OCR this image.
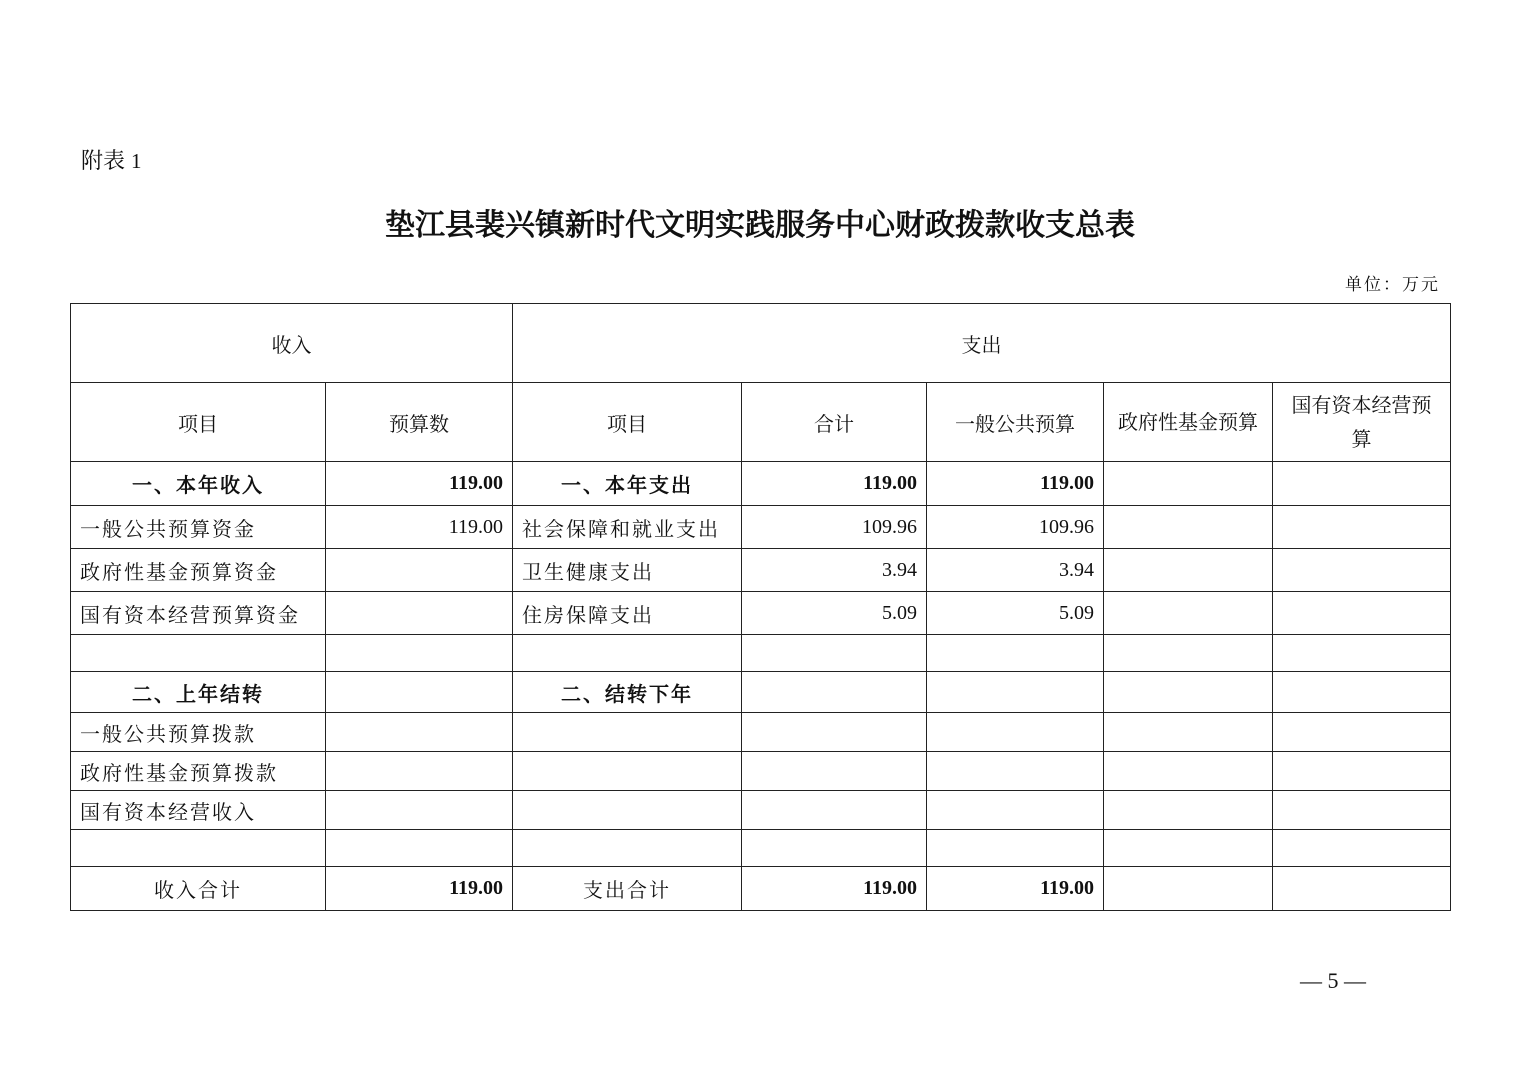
附表 1
垫江县裴兴镇新时代文明实践服务中心财政拨款收支总表
单位：万元
收入		支出				
项目	预算数	项目	合计	一般公共预算	政府性基金预算	国有资本经营预算
一、本年收入	119.00	一、本年支出	119.00	119.00		
一般公共预算资金	119.00	社会保障和就业支出	109.96	109.96		
政府性基金预算资金		卫生健康支出	3.94	3.94		
国有资本经营预算资金		住房保障支出	5.09	5.09		

二、上年结转		二、结转下年				
一般公共预算拨款						
政府性基金预算拨款						
国有资本经营收入						

收入合计	119.00	支出合计	119.00	119.00		
— 5 —
